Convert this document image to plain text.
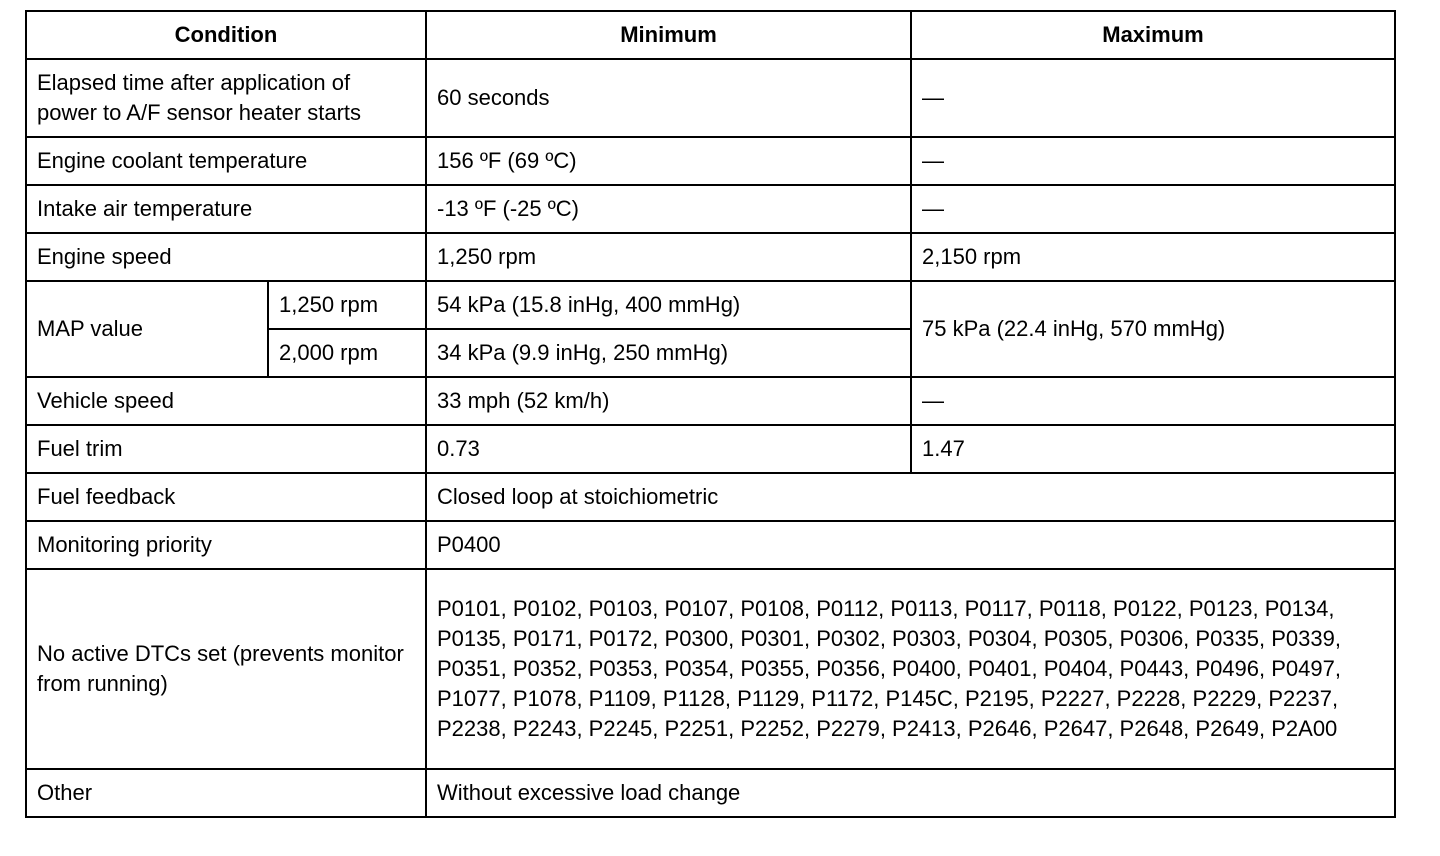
Condition		Minimum	Maximum
Elapsed time after application of power to A/F sensor heater starts		60 seconds	—
Engine coolant temperature		156 ºF (69 ºC)	—
Intake air temperature		-13 ºF (-25 ºC)	—
Engine speed		1,250 rpm	2,150 rpm
MAP value	1,250 rpm	54 kPa (15.8 inHg, 400 mmHg)	75 kPa (22.4 inHg, 570 mmHg)
	2,000 rpm	34 kPa (9.9 inHg, 250 mmHg)	
Vehicle speed		33 mph (52 km/h)	—
Fuel trim		0.73	1.47
Fuel feedback		Closed loop at stoichiometric	
Monitoring priority		P0400	
No active DTCs set (prevents monitor from running)		P0101, P0102, P0103, P0107, P0108, P0112, P0113, P0117, P0118, P0122, P0123, P0134, P0135, P0171, P0172, P0300, P0301, P0302, P0303, P0304, P0305, P0306, P0335, P0339, P0351, P0352, P0353, P0354, P0355, P0356, P0400, P0401, P0404, P0443, P0496, P0497, P1077, P1078, P1109, P1128, P1129, P1172, P145C, P2195, P2227, P2228, P2229, P2237, P2238, P2243, P2245, P2251, P2252, P2279, P2413, P2646, P2647, P2648, P2649, P2A00	
Other		Without excessive load change	
